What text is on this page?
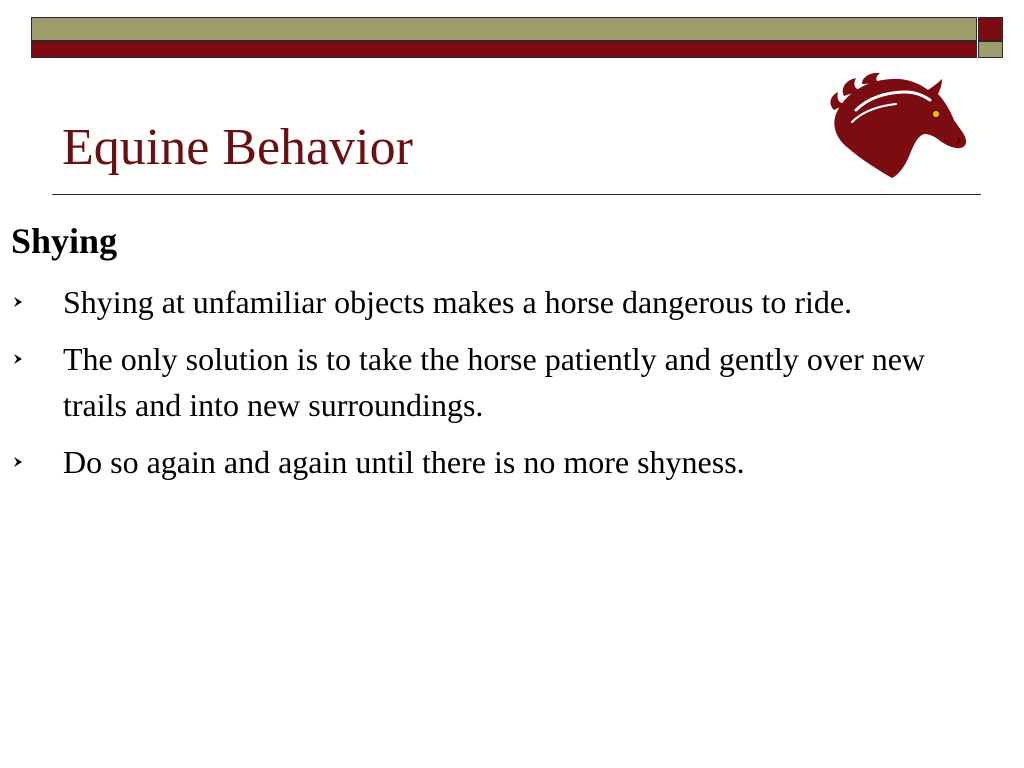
Equine Behavior
Shying
Shying at unfamiliar objects makes a horse dangerous to ride.
The only solution is to take the horse patiently and gently over new trails and into new surroundings.
Do so again and again until there is no more shyness.
